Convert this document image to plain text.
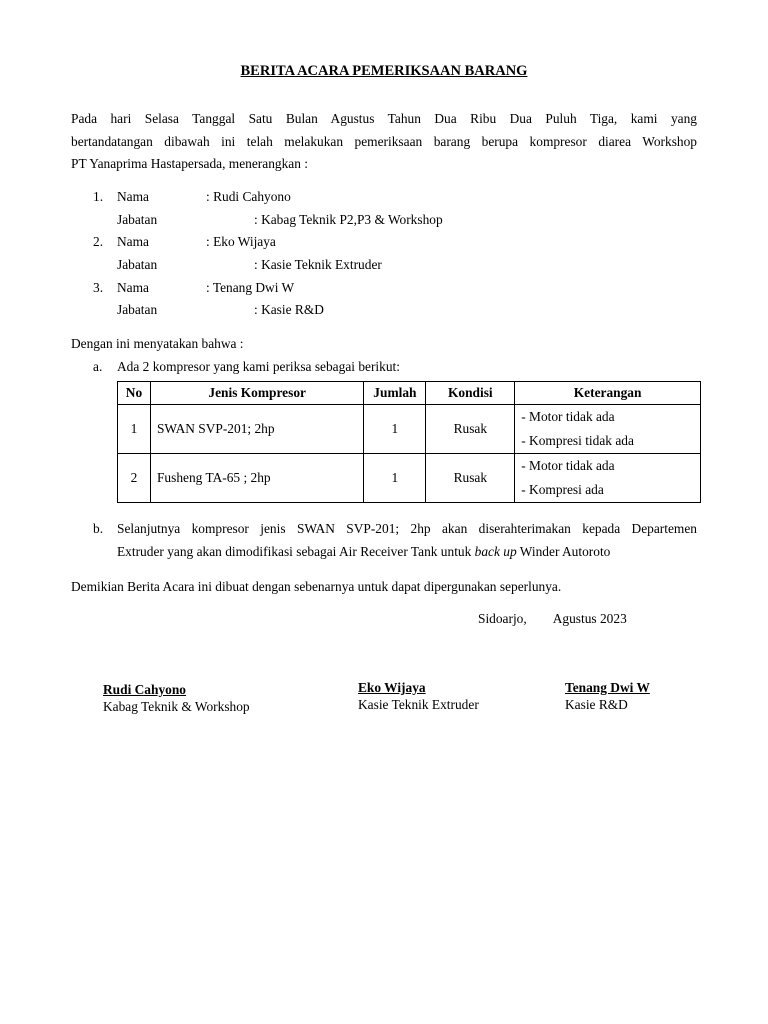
BERITA ACARA PEMERIKSAAN BARANG
Pada hari Selasa Tanggal Satu Bulan Agustus Tahun Dua Ribu Dua Puluh Tiga, kami yang
bertandatangan dibawah ini telah melakukan pemeriksaan barang berupa kompresor diarea Workshop
PT Yanaprima Hastapersada, menerangkan :
1. Nama	: Rudi Cahyono
Jabatan	: Kabag Teknik P2,P3 & Workshop
2. Nama	: Eko Wijaya
Jabatan	: Kasie Teknik Extruder
3. Nama	: Tenang Dwi W
Jabatan	: Kasie R&D
Dengan ini menyatakan bahwa :
a. Ada 2 kompresor yang kami periksa sebagai berikut:
No	Jenis Kompresor	Jumlah	Kondisi	Keterangan
1	SWAN SVP-201; 2hp	1	Rusak	- Motor tidak ada
- Kompresi tidak ada

2	Fusheng TA-65 ; 2hp	1	Rusak	- Motor tidak ada
- Kompresi ada
b. Selanjutnya kompresor jenis SWAN SVP-201; 2hp akan diserahterimakan kepada Departemen
Extruder yang akan dimodifikasi sebagai Air Receiver Tank untuk back up Winder Autoroto
Demikian Berita Acara ini dibuat dengan sebenarnya untuk dapat dipergunakan seperlunya.
Sidoarjo, Agustus 2023
Rudi Cahyono
Kabag Teknik & Workshop
Eko Wijaya
Kasie Teknik Extruder
Tenang Dwi W
Kasie R&D
